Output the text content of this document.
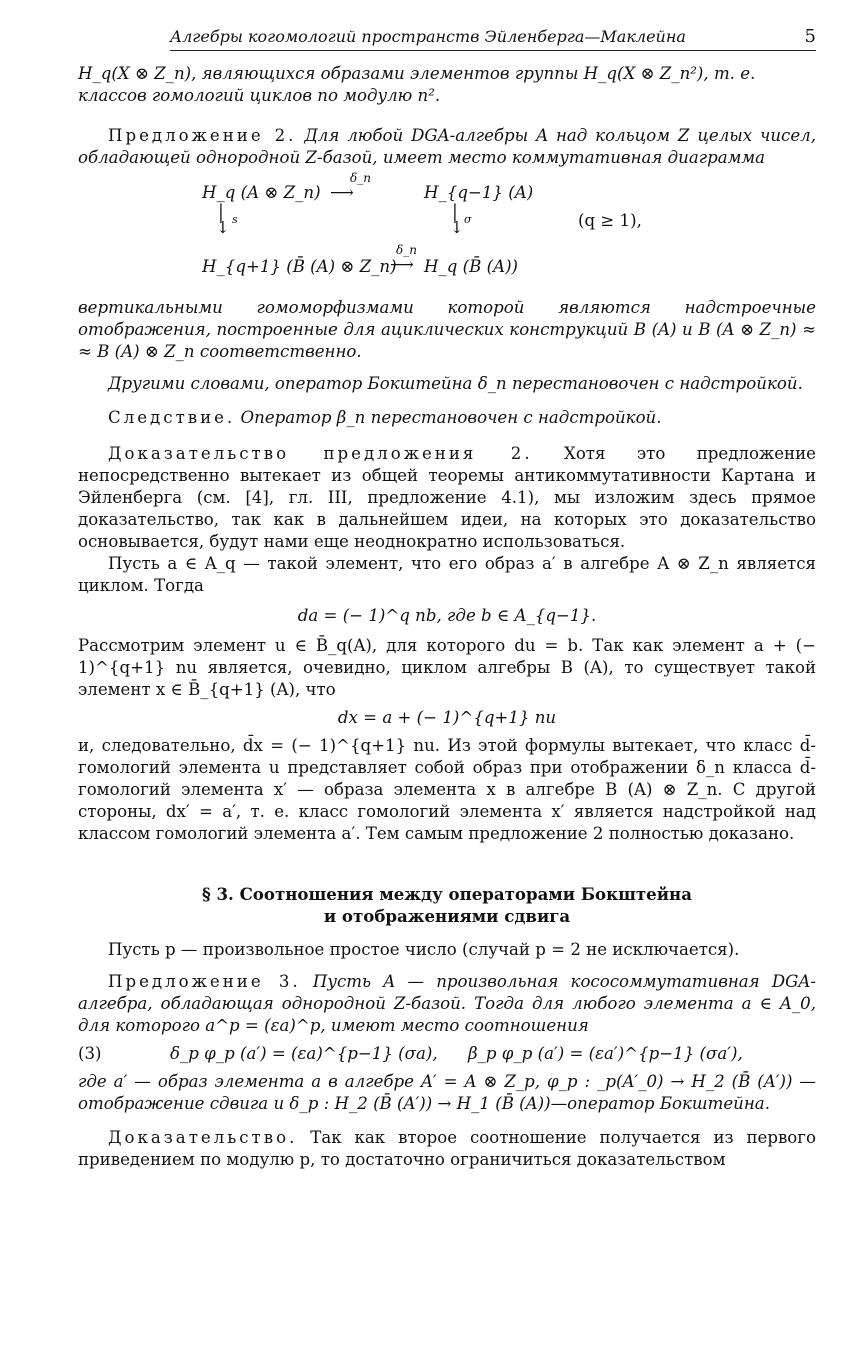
Алгебры когомологий пространств Эйленберга—Маклейна	5

H_q(X ⊗ Z_n), являющихся образами элементов группы H_q(X ⊗ Z_n²), т. е.

классов гомологий циклов по модулю n².

Предложение 2. Для любой DGA-алгебры A над кольцом Z целых чисел, обладающей однородной Z-базой, имеет место коммутативная диаграмма

H_q (A ⊗ Z_n)
δ_n
⟶	H_{q−1} (A)
│
↓ s	│
↓ σ	(q ≥ 1),
H_{q+1} (B̄ (A) ⊗ Z_n)
δ_n
⟶ H_q (B̄ (A))

вертикальными гомоморфизмами которой являются надстроечные отображения, построенные для ациклических конструкций B (A) и B (A ⊗ Z_n) ≈ ≈ B (A) ⊗ Z_n соответственно.

Другими словами, оператор Бокштейна δ_n перестановочен с надстройкой.

Следствие. Оператор β_n перестановочен с надстройкой.

Доказательство предложения 2. Хотя это предложение непосредственно вытекает из общей теоремы антикоммутативности Картана и Эйленберга (см. [4], гл. III, предложение 4.1), мы изложим здесь прямое доказательство, так как в дальнейшем идеи, на которых это доказательство основывается, будут нами еще неоднократно использоваться.

Пусть a ∈ A_q — такой элемент, что его образ a′ в алгебре A ⊗ Z_n является циклом. Тогда

da = (− 1)^q nb, где b ∈ A_{q−1}.

Рассмотрим элемент u ∈ B̄_q(A), для которого du = b. Так как элемент a + (− 1)^{q+1} nu является, очевидно, циклом алгебры B (A), то существует такой элемент x ∈ B̄_{q+1} (A), что

dx = a + (− 1)^{q+1} nu

и, следовательно, d̄x = (− 1)^{q+1} nu. Из этой формулы вытекает, что класс d̄-гомологий элемента u представляет собой образ при отображении δ_n класса d̄-гомологий элемента x′ — образа элемента x в алгебре B (A) ⊗ Z_n. С другой стороны, dx′ = a′, т. е. класс гомологий элемента x′ является надстройкой над классом гомологий элемента a′. Тем самым предложение 2 полностью доказано.

§ 3. Соотношения между операторами Бокштейна
и отображениями сдвига

Пусть p — произвольное простое число (случай p = 2 не исключается).

Предложение 3. Пусть A — произвольная кососоммутативная DGA-алгебра, обладающая однородной Z-базой. Тогда для любого элемента a ∈ A_0, для которого a^p = (εa)^p, имеют место соотношения

(3)	δ_p φ_p (a′) = (εa)^{p−1} (σa),	β_p φ_p (a′) = (εa′)^{p−1} (σa′),

где a′ — образ элемента a в алгебре A′ = A ⊗ Z_p, φ_p : _p(A′_0) → H_2 (B̄ (A′)) — отображение сдвига и δ_p : H_2 (B̄ (A′)) → H_1 (B̄ (A))—оператор Бокштейна.

Доказательство. Так как второе соотношение получается из первого приведением по модулю p, то достаточно ограничиться доказательством
